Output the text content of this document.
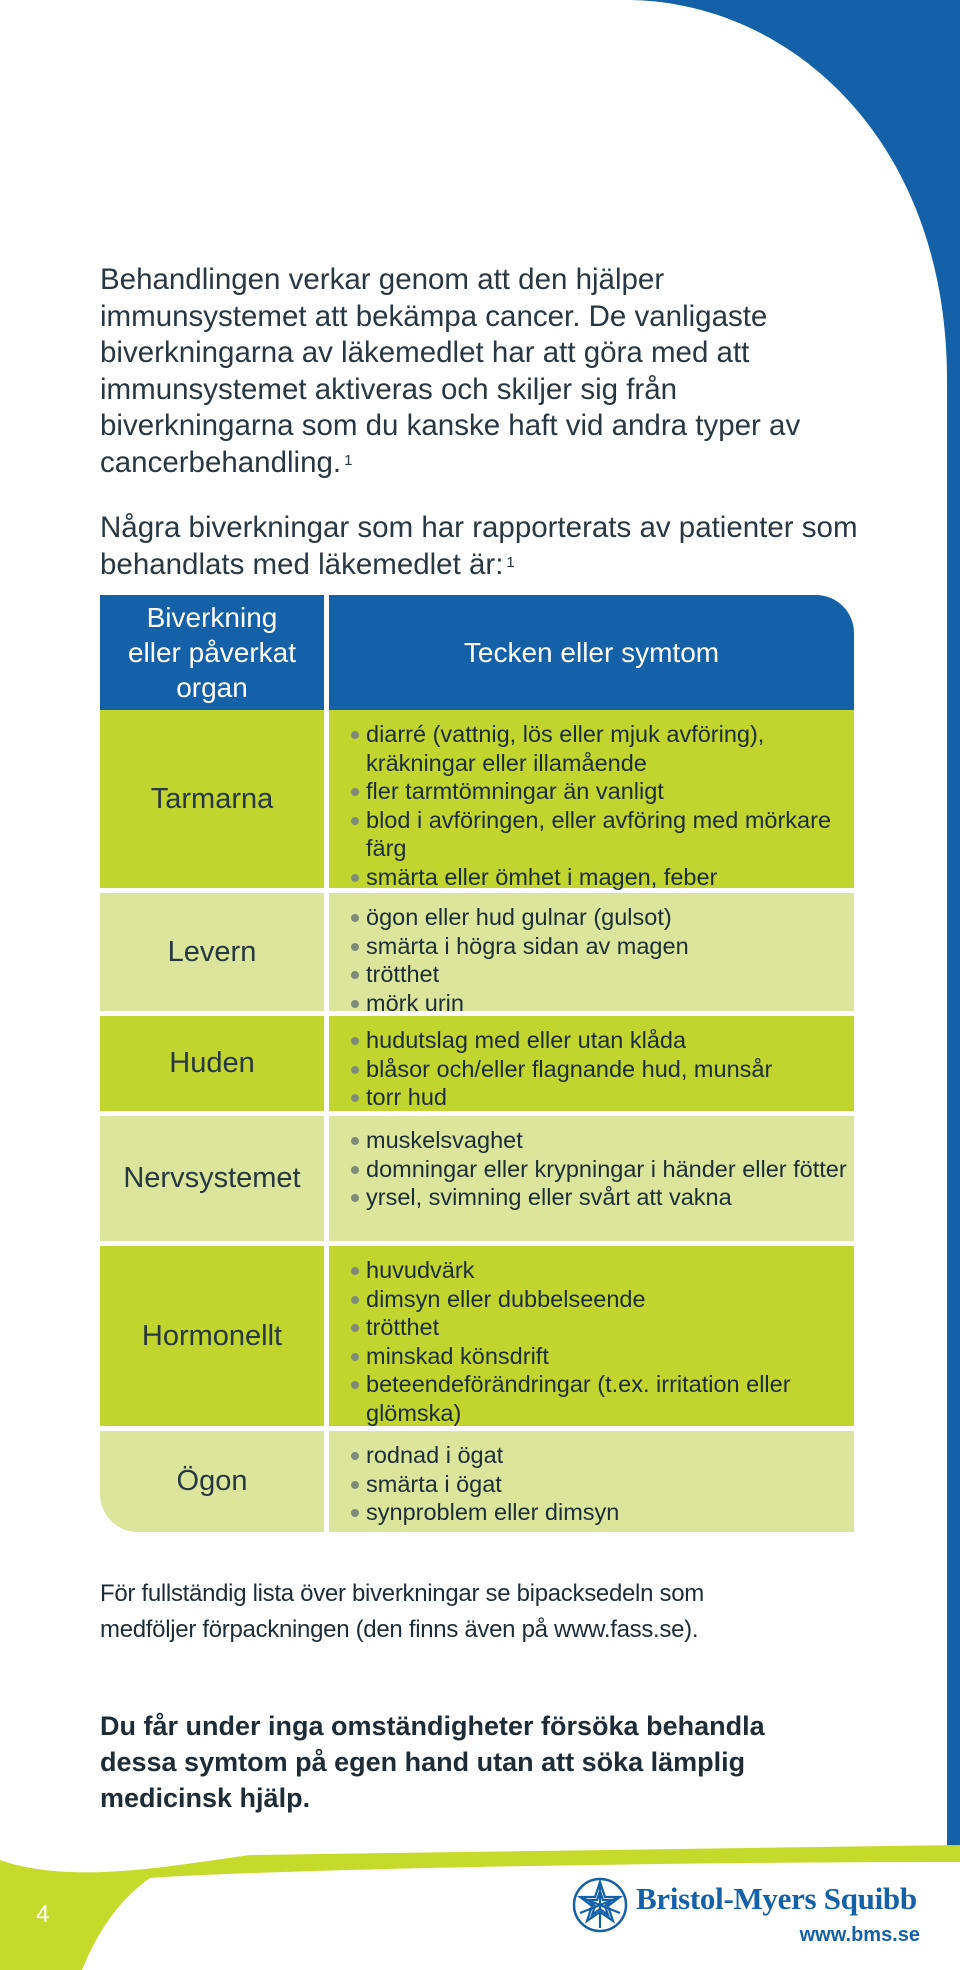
Behandlingen verkar genom att den hjälper immunsystemet att bekämpa cancer. De vanligaste biverkningarna av läkemedlet har att göra med att immunsystemet aktiveras och skiljer sig från biverkningarna som du kanske haft vid andra typer av cancerbehandling. $^1$

Några biverkningar som har rapporterats av patienter som behandlats med läkemedlet är: $^1$

Biverkning
eller påverkat
organ
Tecken eller symtom
Tarmarna
diarré (vattnig, lös eller mjuk avföring), kräkningar eller illamående
fler tarmtömningar än vanligt
blod i avföringen, eller avföring med mörkare färg
smärta eller ömhet i magen, feber
Levern
ögon eller hud gulnar (gulsot)
smärta i högra sidan av magen
trötthet
mörk urin
Huden
hudutslag med eller utan klåda
blåsor och/eller flagnande hud, munsår
torr hud
Nervsystemet
muskelsvaghet
domningar eller krypningar i händer eller fötter
yrsel, svimning eller svårt att vakna
Hormonellt
huvudvärk
dimsyn eller dubbelseende
trötthet
minskad könsdrift
beteendeförändringar (t.ex. irritation eller glömska)
Ögon
rodnad i ögat
smärta i ögat
synproblem eller dimsyn

För fullständig lista över biverkningar se bipacksedeln som medföljer förpackningen (den finns även på www.fass.se).

Du får under inga omständigheter försöka behandla dessa symtom på egen hand utan att söka lämplig medicinsk hjälp.

4	Bristol-Myers Squibb
www.bms.se
